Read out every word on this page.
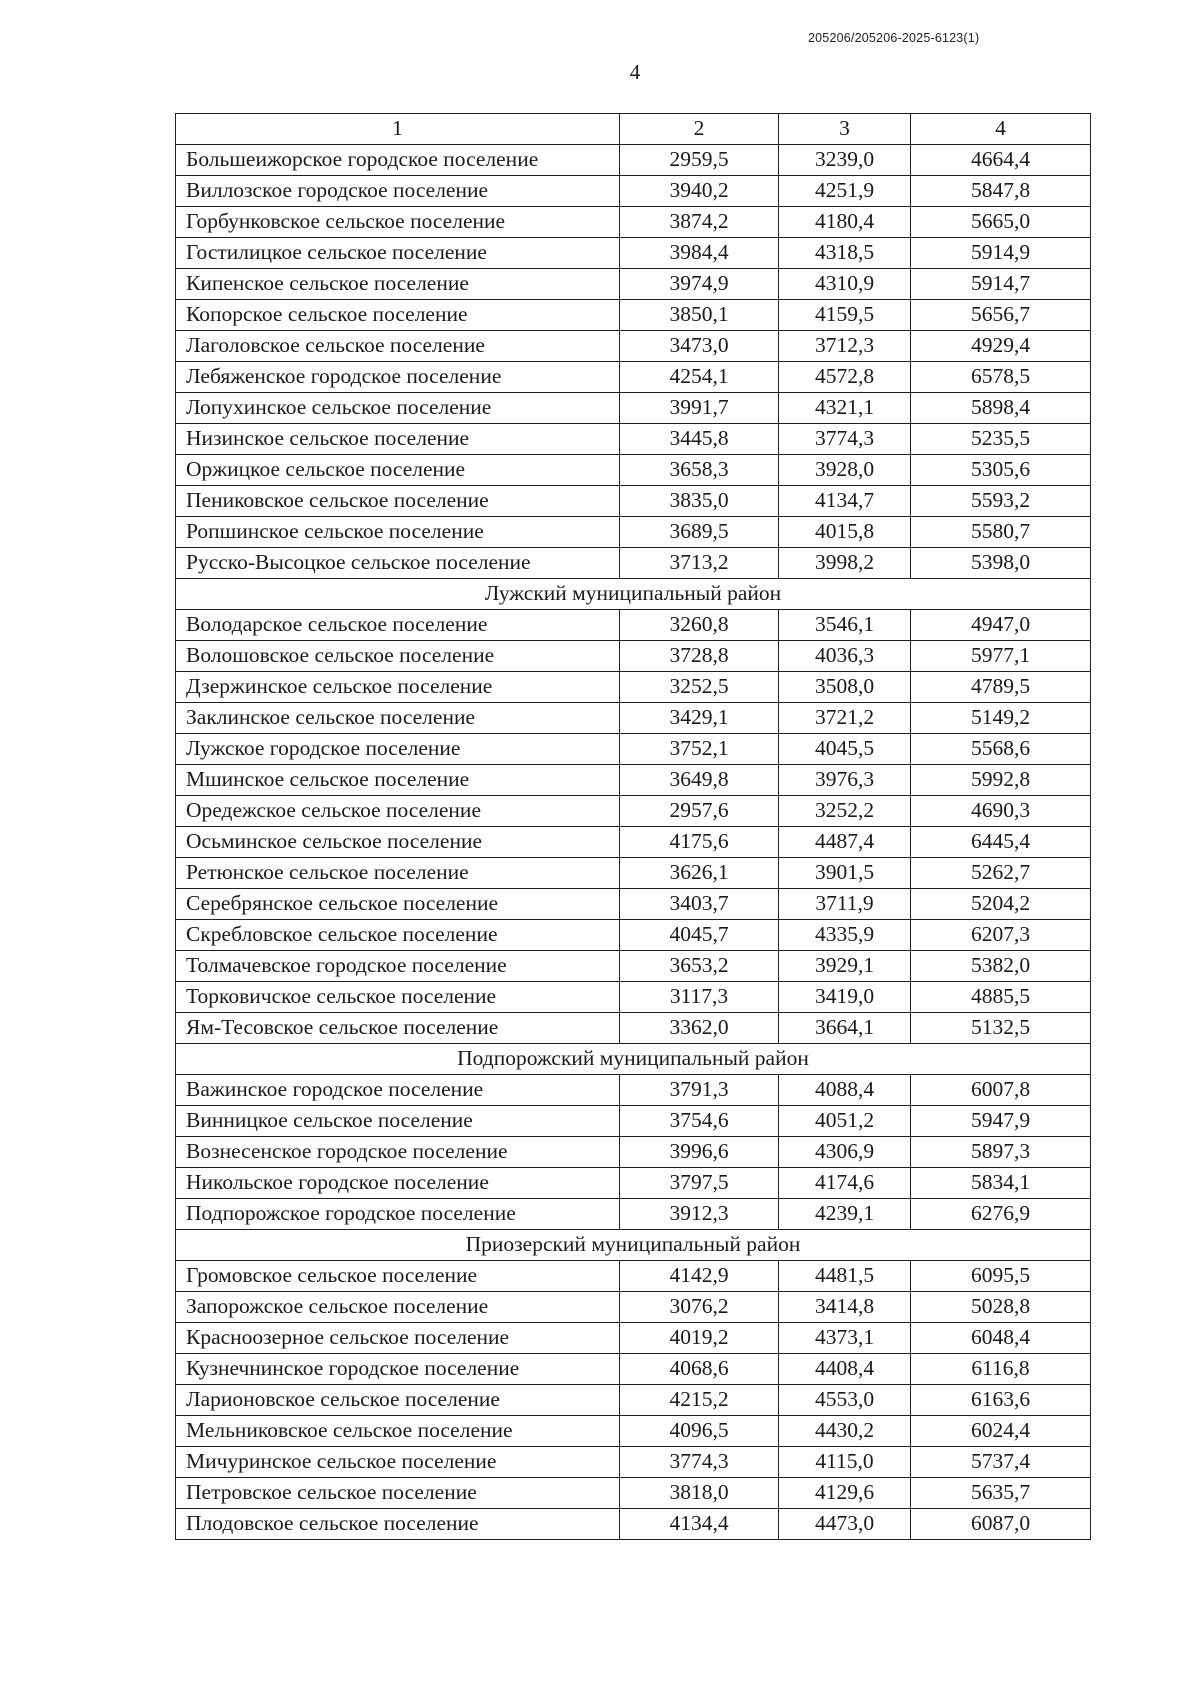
205206/205206-2025-6123(1)
4
1	2	3	4
Большеижорское городское поселение	2959,5	3239,0	4664,4
Виллозское городское поселение	3940,2	4251,9	5847,8
Горбунковское сельское поселение	3874,2	4180,4	5665,0
Гостилицкое сельское поселение	3984,4	4318,5	5914,9
Кипенское сельское поселение	3974,9	4310,9	5914,7
Копорское сельское поселение	3850,1	4159,5	5656,7
Лаголовское сельское поселение	3473,0	3712,3	4929,4
Лебяженское городское поселение	4254,1	4572,8	6578,5
Лопухинское сельское поселение	3991,7	4321,1	5898,4
Низинское сельское поселение	3445,8	3774,3	5235,5
Оржицкое сельское поселение	3658,3	3928,0	5305,6
Пениковское сельское поселение	3835,0	4134,7	5593,2
Ропшинское сельское поселение	3689,5	4015,8	5580,7
Русско-Высоцкое сельское поселение	3713,2	3998,2	5398,0
Лужский муниципальный район			
Володарское сельское поселение	3260,8	3546,1	4947,0
Волошовское сельское поселение	3728,8	4036,3	5977,1
Дзержинское сельское поселение	3252,5	3508,0	4789,5
Заклинское сельское поселение	3429,1	3721,2	5149,2
Лужское городское поселение	3752,1	4045,5	5568,6
Мшинское сельское поселение	3649,8	3976,3	5992,8
Оредежское сельское поселение	2957,6	3252,2	4690,3
Осьминское сельское поселение	4175,6	4487,4	6445,4
Ретюнское сельское поселение	3626,1	3901,5	5262,7
Серебрянское сельское поселение	3403,7	3711,9	5204,2
Скребловское сельское поселение	4045,7	4335,9	6207,3
Толмачевское городское поселение	3653,2	3929,1	5382,0
Торковичское сельское поселение	3117,3	3419,0	4885,5
Ям-Тесовское сельское поселение	3362,0	3664,1	5132,5
Подпорожский муниципальный район			
Важинское городское поселение	3791,3	4088,4	6007,8
Винницкое сельское поселение	3754,6	4051,2	5947,9
Вознесенское городское поселение	3996,6	4306,9	5897,3
Никольское городское поселение	3797,5	4174,6	5834,1
Подпорожское городское поселение	3912,3	4239,1	6276,9
Приозерский муниципальный район			
Громовское сельское поселение	4142,9	4481,5	6095,5
Запорожское сельское поселение	3076,2	3414,8	5028,8
Красноозерное сельское поселение	4019,2	4373,1	6048,4
Кузнечнинское городское поселение	4068,6	4408,4	6116,8
Ларионовское сельское поселение	4215,2	4553,0	6163,6
Мельниковское сельское поселение	4096,5	4430,2	6024,4
Мичуринское сельское поселение	3774,3	4115,0	5737,4
Петровское сельское поселение	3818,0	4129,6	5635,7
Плодовское сельское поселение	4134,4	4473,0	6087,0
